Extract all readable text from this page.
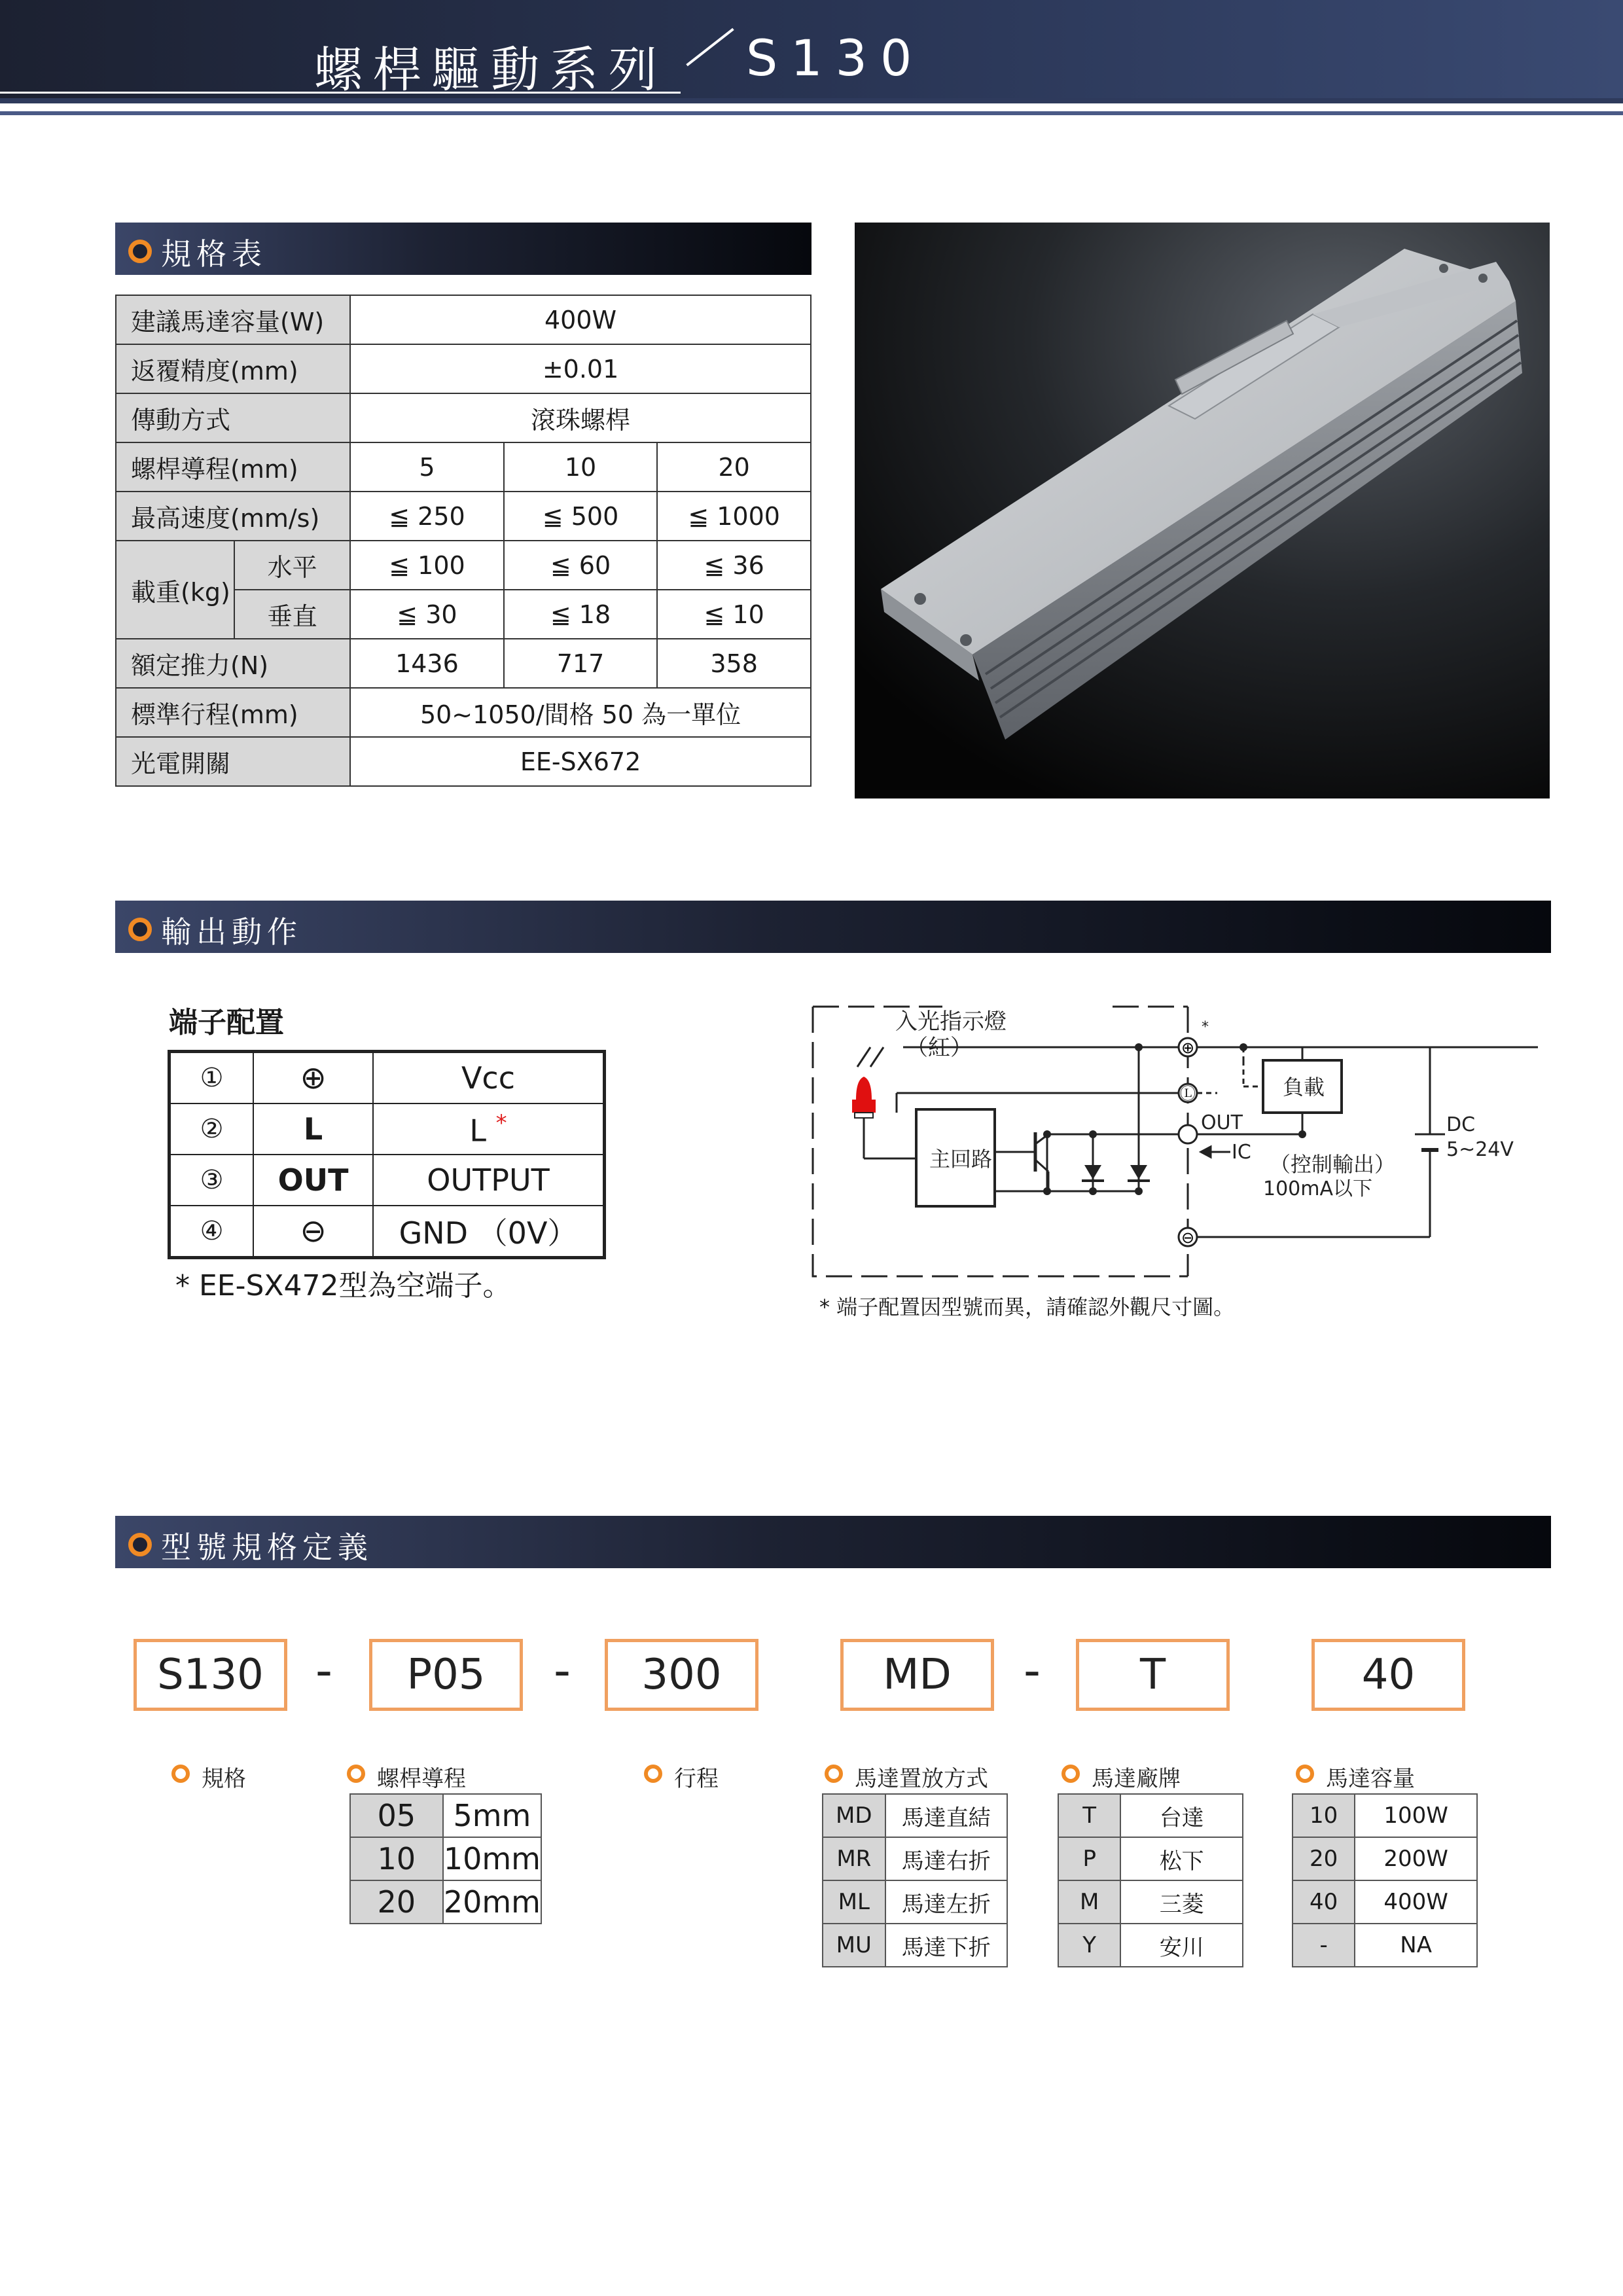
螺桿驅動系列 S130
規格表
建議馬達容量(W)		400W		
返覆精度(mm)		±0.01		
傳動方式		滾珠螺桿		
螺桿導程(mm)		5	10	20
最高速度(mm/s)		≦ 250	≦ 500	≦ 1000
載重(kg)	水平	≦ 100	≦ 60	≦ 36
	垂直	≦ 30	≦ 18	≦ 10
額定推力(N)		1436	717	358
標準行程(mm)		50~1050/間格 50 為一單位		
光電開關		EE-SX672		
輸出動作
端子配置
①	⊕	Vcc
②	L	L *
③	OUT	OUTPUT
④	⊖	GND （0V）
* EE-SX472型為空端子。
入光指示燈
（紅）
主回路
負載
OUT
IC （控制輸出）
100mA以下
DC
5~24V
*
⊕
Ⓛ
⊖
* 端子配置因型號而異，請確認外觀尺寸圖。
型號規格定義
S130	-	P05	-	300	MD	-	T	40
規格	螺桿導程	行程	馬達置放方式	馬達廠牌	馬達容量
05	5mm
10	10mm
20	20mm
MD	馬達直結
MR	馬達右折
ML	馬達左折
MU	馬達下折
T	台達
P	松下
M	三菱
Y	安川
10	100W
20	200W
40	400W
-	NA
